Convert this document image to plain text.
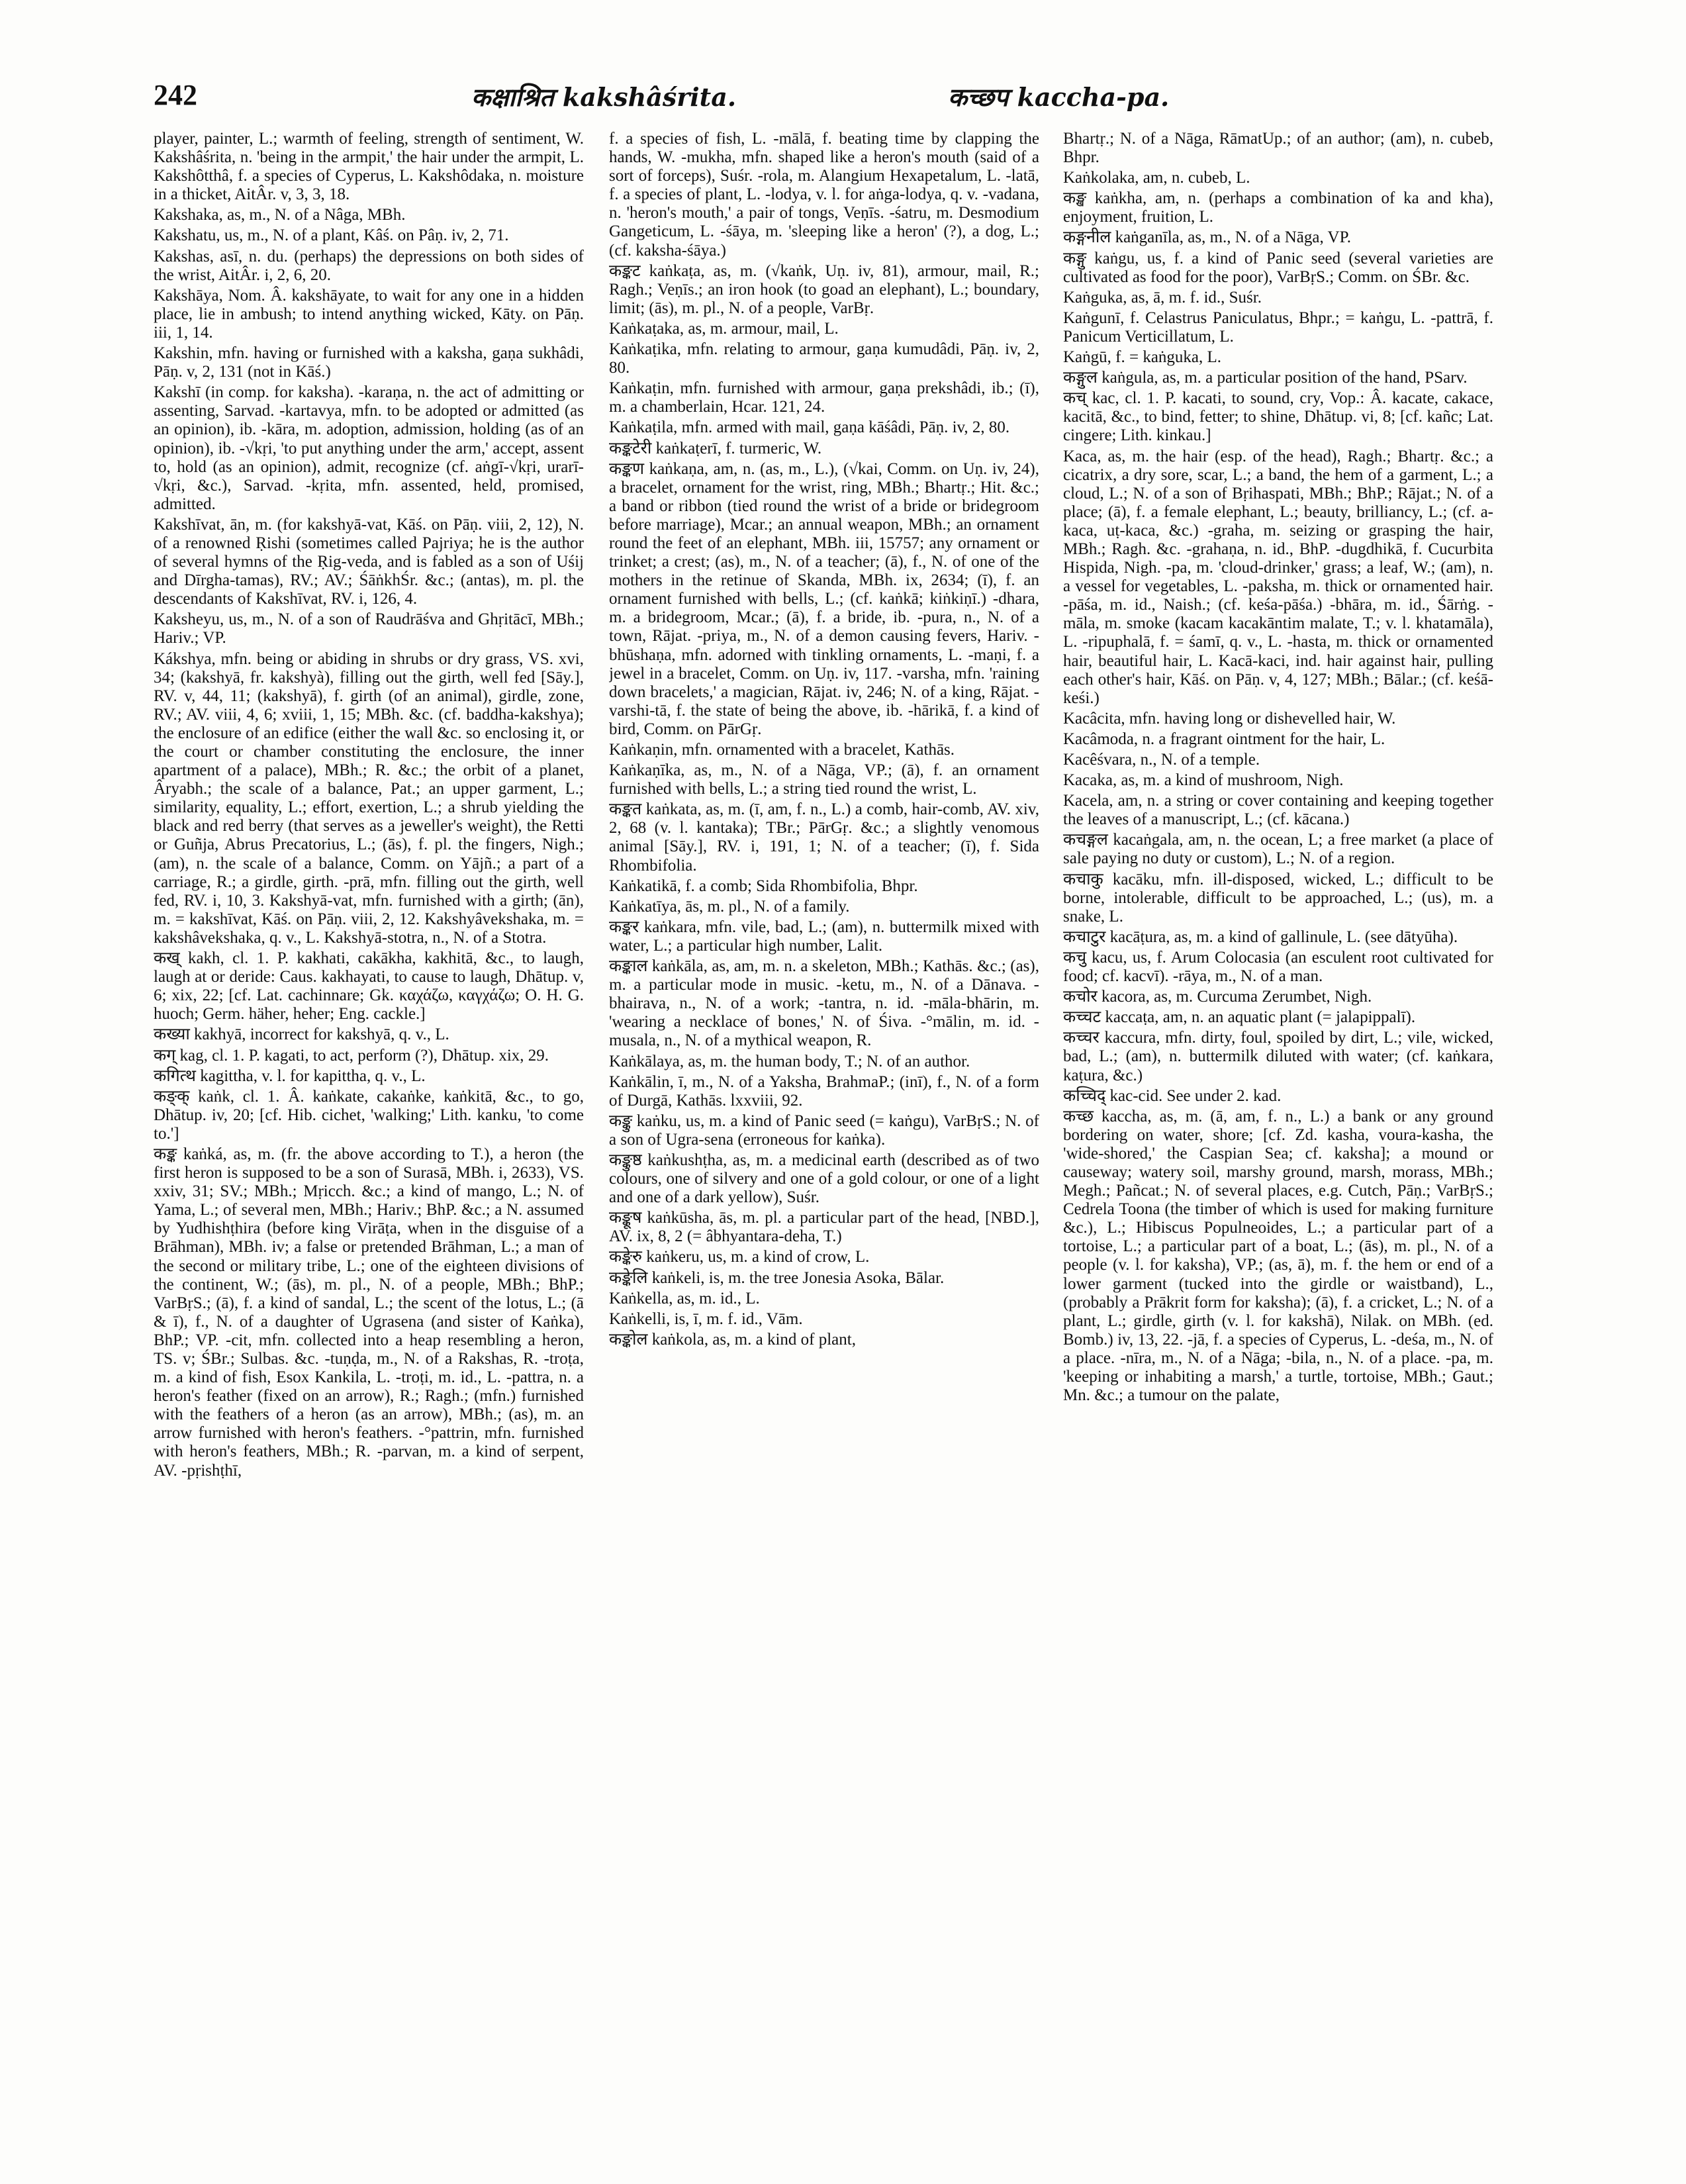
242	कक्षाश्रित kakshâśrita.	कच्छप kaccha-pa.

player, painter, L.; warmth of feeling, strength of sentiment, W. Kakshâśrita, n. 'being in the armpit,' the hair under the armpit, L. Kakshôtthâ, f. a species of Cyperus, L. Kakshôdaka, n. moisture in a thicket, AitÂr. v, 3, 3, 18.

Kakshaka, as, m., N. of a Nâga, MBh.

Kakshatu, us, m., N. of a plant, Kâś. on Pâṇ. iv, 2, 71.

Kakshas, asī, n. du. (perhaps) the depressions on both sides of the wrist, AitÂr. i, 2, 6, 20.

Kakshāya, Nom. Â. kakshāyate, to wait for any one in a hidden place, lie in ambush; to intend anything wicked, Kāty. on Pāṇ. iii, 1, 14.

Kakshin, mfn. having or furnished with a kaksha, gaṇa sukhâdi, Pāṇ. v, 2, 131 (not in Kāś.)

Kakshī (in comp. for kaksha). -karaṇa, n. the act of admitting or assenting, Sarvad. -kartavya, mfn. to be adopted or admitted (as an opinion), ib. -kāra, m. adoption, admission, holding (as of an opinion), ib. -√kṛi, 'to put anything under the arm,' accept, assent to, hold (as an opinion), admit, recognize (cf. aṅgī-√kṛi, urarī-√kṛi, &c.), Sarvad. -kṛita, mfn. assented, held, promised, admitted.

Kakshīvat, ān, m. (for kakshyā-vat, Kāś. on Pāṇ. viii, 2, 12), N. of a renowned Ṛishi (sometimes called Pajriya; he is the author of several hymns of the Ṛig-veda, and is fabled as a son of Uśij and Dīrgha-tamas), RV.; AV.; ŚāṅkhŚr. &c.; (antas), m. pl. the descendants of Kakshīvat, RV. i, 126, 4.

Kaksheyu, us, m., N. of a son of Raudrāśva and Ghṛitācī, MBh.; Hariv.; VP.

Kákshya, mfn. being or abiding in shrubs or dry grass, VS. xvi, 34; (kakshyā, fr. kakshyà), filling out the girth, well fed [Sāy.], RV. v, 44, 11; (kakshyā), f. girth (of an animal), girdle, zone, RV.; AV. viii, 4, 6; xviii, 1, 15; MBh. &c. (cf. baddha-kakshya); the enclosure of an edifice (either the wall &c. so enclosing it, or the court or chamber constituting the enclosure, the inner apartment of a palace), MBh.; R. &c.; the orbit of a planet, Âryabh.; the scale of a balance, Pat.; an upper garment, L.; similarity, equality, L.; effort, exertion, L.; a shrub yielding the black and red berry (that serves as a jeweller's weight), the Retti or Guñja, Abrus Precatorius, L.; (ās), f. pl. the fingers, Nigh.; (am), n. the scale of a balance, Comm. on Yājñ.; a part of a carriage, R.; a girdle, girth. -prā, mfn. filling out the girth, well fed, RV. i, 10, 3. Kakshyā-vat, mfn. furnished with a girth; (ān), m. = kakshīvat, Kāś. on Pāṇ. viii, 2, 12. Kakshyâvekshaka, m. = kakshâvekshaka, q. v., L. Kakshyā-stotra, n., N. of a Stotra.

कख् kakh, cl. 1. P. kakhati, cakākha, kakhitā, &c., to laugh, laugh at or deride: Caus. kakhayati, to cause to laugh, Dhātup. v, 6; xix, 22; [cf. Lat. cachinnare; Gk. καχάζω, καγχάζω; O. H. G. huoch; Germ. häher, heher; Eng. cackle.]

कख्या kakhyā, incorrect for kakshyā, q. v., L.

कग् kag, cl. 1. P. kagati, to act, perform (?), Dhātup. xix, 29.

कगित्थ kagittha, v. l. for kapittha, q. v., L.

कङ्क् kaṅk, cl. 1. Â. kaṅkate, cakaṅke, kaṅkitā, &c., to go, Dhātup. iv, 20; [cf. Hib. cichet, 'walking;' Lith. kanku, 'to come to.']

कङ्क kaṅká, as, m. (fr. the above according to T.), a heron (the first heron is supposed to be a son of Surasā, MBh. i, 2633), VS. xxiv, 31; SV.; MBh.; Mṛicch. &c.; a kind of mango, L.; N. of Yama, L.; of several men, MBh.; Hariv.; BhP. &c.; a N. assumed by Yudhishṭhira (before king Virāṭa, when in the disguise of a Brāhman), MBh. iv; a false or pretended Brāhman, L.; a man of the second or military tribe, L.; one of the eighteen divisions of the continent, W.; (ās), m. pl., N. of a people, MBh.; BhP.; VarBṛS.; (ā), f. a kind of sandal, L.; the scent of the lotus, L.; (ā & ī), f., N. of a daughter of Ugrasena (and sister of Kaṅka), BhP.; VP. -cit, mfn. collected into a heap resembling a heron, TS. v; ŚBr.; Sulbas. &c. -tuṇḍa, m., N. of a Rakshas, R. -troṭa, m. a kind of fish, Esox Kankila, L. -troṭi, m. id., L. -pattra, n. a heron's feather (fixed on an arrow), R.; Ragh.; (mfn.) furnished with the feathers of a heron (as an arrow), MBh.; (as), m. an arrow furnished with heron's feathers. -°pattrin, mfn. furnished with heron's feathers, MBh.; R. -parvan, m. a kind of serpent, AV. -pṛishṭhī,

f. a species of fish, L. -mālā, f. beating time by clapping the hands, W. -mukha, mfn. shaped like a heron's mouth (said of a sort of forceps), Suśr. -rola, m. Alangium Hexapetalum, L. -latā, f. a species of plant, L. -lodya, v. l. for aṅga-lodya, q. v. -vadana, n. 'heron's mouth,' a pair of tongs, Veṇīs. -śatru, m. Desmodium Gangeticum, L. -śāya, m. 'sleeping like a heron' (?), a dog, L.; (cf. kaksha-śāya.)

कङ्कट kaṅkaṭa, as, m. (√kaṅk, Uṇ. iv, 81), armour, mail, R.; Ragh.; Veṇīs.; an iron hook (to goad an elephant), L.; boundary, limit; (ās), m. pl., N. of a people, VarBṛ.

Kaṅkaṭaka, as, m. armour, mail, L.

Kaṅkaṭika, mfn. relating to armour, gaṇa kumudâdi, Pāṇ. iv, 2, 80.

Kaṅkaṭin, mfn. furnished with armour, gaṇa prekshâdi, ib.; (ī), m. a chamberlain, Hcar. 121, 24.

Kaṅkaṭila, mfn. armed with mail, gaṇa kāśâdi, Pāṇ. iv, 2, 80.

कङ्कटेरी kaṅkaṭerī, f. turmeric, W.

कङ्कण kaṅkaṇa, am, n. (as, m., L.), (√kai, Comm. on Uṇ. iv, 24), a bracelet, ornament for the wrist, ring, MBh.; Bhartṛ.; Hit. &c.; a band or ribbon (tied round the wrist of a bride or bridegroom before marriage), Mcar.; an annual weapon, MBh.; an ornament round the feet of an elephant, MBh. iii, 15757; any ornament or trinket; a crest; (as), m., N. of a teacher; (ā), f., N. of one of the mothers in the retinue of Skanda, MBh. ix, 2634; (ī), f. an ornament furnished with bells, L.; (cf. kaṅkā; kiṅkiṇī.) -dhara, m. a bridegroom, Mcar.; (ā), f. a bride, ib. -pura, n., N. of a town, Rājat. -priya, m., N. of a demon causing fevers, Hariv. -bhūshaṇa, mfn. adorned with tinkling ornaments, L. -maṇi, f. a jewel in a bracelet, Comm. on Uṇ. iv, 117. -varsha, mfn. 'raining down bracelets,' a magician, Rājat. iv, 246; N. of a king, Rājat. -varshi-tā, f. the state of being the above, ib. -hārikā, f. a kind of bird, Comm. on PārGṛ.

Kaṅkaṇin, mfn. ornamented with a bracelet, Kathās.

Kaṅkaṇīka, as, m., N. of a Nāga, VP.; (ā), f. an ornament furnished with bells, L.; a string tied round the wrist, L.

कङ्कत kaṅkata, as, m. (ī, am, f. n., L.) a comb, hair-comb, AV. xiv, 2, 68 (v. l. kantaka); TBr.; PārGṛ. &c.; a slightly venomous animal [Sāy.], RV. i, 191, 1; N. of a teacher; (ī), f. Sida Rhombifolia.

Kaṅkatikā, f. a comb; Sida Rhombifolia, Bhpr.

Kaṅkatīya, ās, m. pl., N. of a family.

कङ्कर kaṅkara, mfn. vile, bad, L.; (am), n. buttermilk mixed with water, L.; a particular high number, Lalit.

कङ्काल kaṅkāla, as, am, m. n. a skeleton, MBh.; Kathās. &c.; (as), m. a particular mode in music. -ketu, m., N. of a Dānava. -bhairava, n., N. of a work; -tantra, n. id. -māla-bhārin, m. 'wearing a necklace of bones,' N. of Śiva. -°mālin, m. id. -musala, n., N. of a mythical weapon, R.

Kaṅkālaya, as, m. the human body, T.; N. of an author.

Kaṅkālin, ī, m., N. of a Yaksha, BrahmaP.; (inī), f., N. of a form of Durgā, Kathās. lxxviii, 92.

कङ्कु kaṅku, us, m. a kind of Panic seed (= kaṅgu), VarBṛS.; N. of a son of Ugra-sena (erroneous for kaṅka).

कङ्कुष्ठ kaṅkushṭha, as, m. a medicinal earth (described as of two colours, one of silvery and one of a gold colour, or one of a light and one of a dark yellow), Suśr.

कङ्कूष kaṅkūsha, ās, m. pl. a particular part of the head, [NBD.], AV. ix, 8, 2 (= âbhyantara-deha, T.)

कङ्केरु kaṅkeru, us, m. a kind of crow, L.

कङ्केलि kaṅkeli, is, m. the tree Jonesia Asoka, Bālar.

Kaṅkella, as, m. id., L.

Kaṅkelli, is, ī, m. f. id., Vām.

कङ्कोल kaṅkola, as, m. a kind of plant,

Bhartṛ.; N. of a Nāga, RāmatUp.; of an author; (am), n. cubeb, Bhpr.

Kaṅkolaka, am, n. cubeb, L.

कङ्ख kaṅkha, am, n. (perhaps a combination of ka and kha), enjoyment, fruition, L.

कङ्गनील kaṅganīla, as, m., N. of a Nāga, VP.

कङ्गु kaṅgu, us, f. a kind of Panic seed (several varieties are cultivated as food for the poor), VarBṛS.; Comm. on ŚBr. &c.

Kaṅguka, as, ā, m. f. id., Suśr.

Kaṅgunī, f. Celastrus Paniculatus, Bhpr.; = kaṅgu, L. -pattrā, f. Panicum Verticillatum, L.

Kaṅgū, f. = kaṅguka, L.

कङ्गुल kaṅgula, as, m. a particular position of the hand, PSarv.

कच् kac, cl. 1. P. kacati, to sound, cry, Vop.: Â. kacate, cakace, kacitā, &c., to bind, fetter; to shine, Dhātup. vi, 8; [cf. kañc; Lat. cingere; Lith. kinkau.]

Kaca, as, m. the hair (esp. of the head), Ragh.; Bhartṛ. &c.; a cicatrix, a dry sore, scar, L.; a band, the hem of a garment, L.; a cloud, L.; N. of a son of Bṛihaspati, MBh.; BhP.; Rājat.; N. of a place; (ā), f. a female elephant, L.; beauty, brilliancy, L.; (cf. a-kaca, uṭ-kaca, &c.) -graha, m. seizing or grasping the hair, MBh.; Ragh. &c. -grahaṇa, n. id., BhP. -dugdhikā, f. Cucurbita Hispida, Nigh. -pa, m. 'cloud-drinker,' grass; a leaf, W.; (am), n. a vessel for vegetables, L. -paksha, m. thick or ornamented hair. -pāśa, m. id., Naish.; (cf. keśa-pāśa.) -bhāra, m. id., Śārṅg. -māla, m. smoke (kacam kacakāntim malate, T.; v. l. khatamāla), L. -ripuphalā, f. = śamī, q. v., L. -hasta, m. thick or ornamented hair, beautiful hair, L. Kacā-kaci, ind. hair against hair, pulling each other's hair, Kāś. on Pāṇ. v, 4, 127; MBh.; Bālar.; (cf. keśā-keśi.)

Kacâcita, mfn. having long or dishevelled hair, W.

Kacâmoda, n. a fragrant ointment for the hair, L.

Kacêśvara, n., N. of a temple.

Kacaka, as, m. a kind of mushroom, Nigh.

Kacela, am, n. a string or cover containing and keeping together the leaves of a manuscript, L.; (cf. kācana.)

कचङ्गल kacaṅgala, am, n. the ocean, L; a free market (a place of sale paying no duty or custom), L.; N. of a region.

कचाकु kacāku, mfn. ill-disposed, wicked, L.; difficult to be borne, intolerable, difficult to be approached, L.; (us), m. a snake, L.

कचाटुर kacāṭura, as, m. a kind of gallinule, L. (see dātyūha).

कचु kacu, us, f. Arum Colocasia (an esculent root cultivated for food; cf. kacvī). -rāya, m., N. of a man.

कचोर kacora, as, m. Curcuma Zerumbet, Nigh.

कच्चट kaccaṭa, am, n. an aquatic plant (= jalapippalī).

कच्चर kaccura, mfn. dirty, foul, spoiled by dirt, L.; vile, wicked, bad, L.; (am), n. buttermilk diluted with water; (cf. kaṅkara, kaṭura, &c.)

कच्चिद् kac-cid. See under 2. kad.

कच्छ kaccha, as, m. (ā, am, f. n., L.) a bank or any ground bordering on water, shore; [cf. Zd. kasha, voura-kasha, the 'wide-shored,' the Caspian Sea; cf. kaksha]; a mound or causeway; watery soil, marshy ground, marsh, morass, MBh.; Megh.; Pañcat.; N. of several places, e.g. Cutch, Pāṇ.; VarBṛS.; Cedrela Toona (the timber of which is used for making furniture &c.), L.; Hibiscus Populneoides, L.; a particular part of a tortoise, L.; a particular part of a boat, L.; (ās), m. pl., N. of a people (v. l. for kaksha), VP.; (as, ā), m. f. the hem or end of a lower garment (tucked into the girdle or waistband), L., (probably a Prākrit form for kaksha); (ā), f. a cricket, L.; N. of a plant, L.; girdle, girth (v. l. for kakshā), Nilak. on MBh. (ed. Bomb.) iv, 13, 22. -jā, f. a species of Cyperus, L. -deśa, m., N. of a place. -nīra, m., N. of a Nāga; -bila, n., N. of a place. -pa, m. 'keeping or inhabiting a marsh,' a turtle, tortoise, MBh.; Gaut.; Mn. &c.; a tumour on the palate,
